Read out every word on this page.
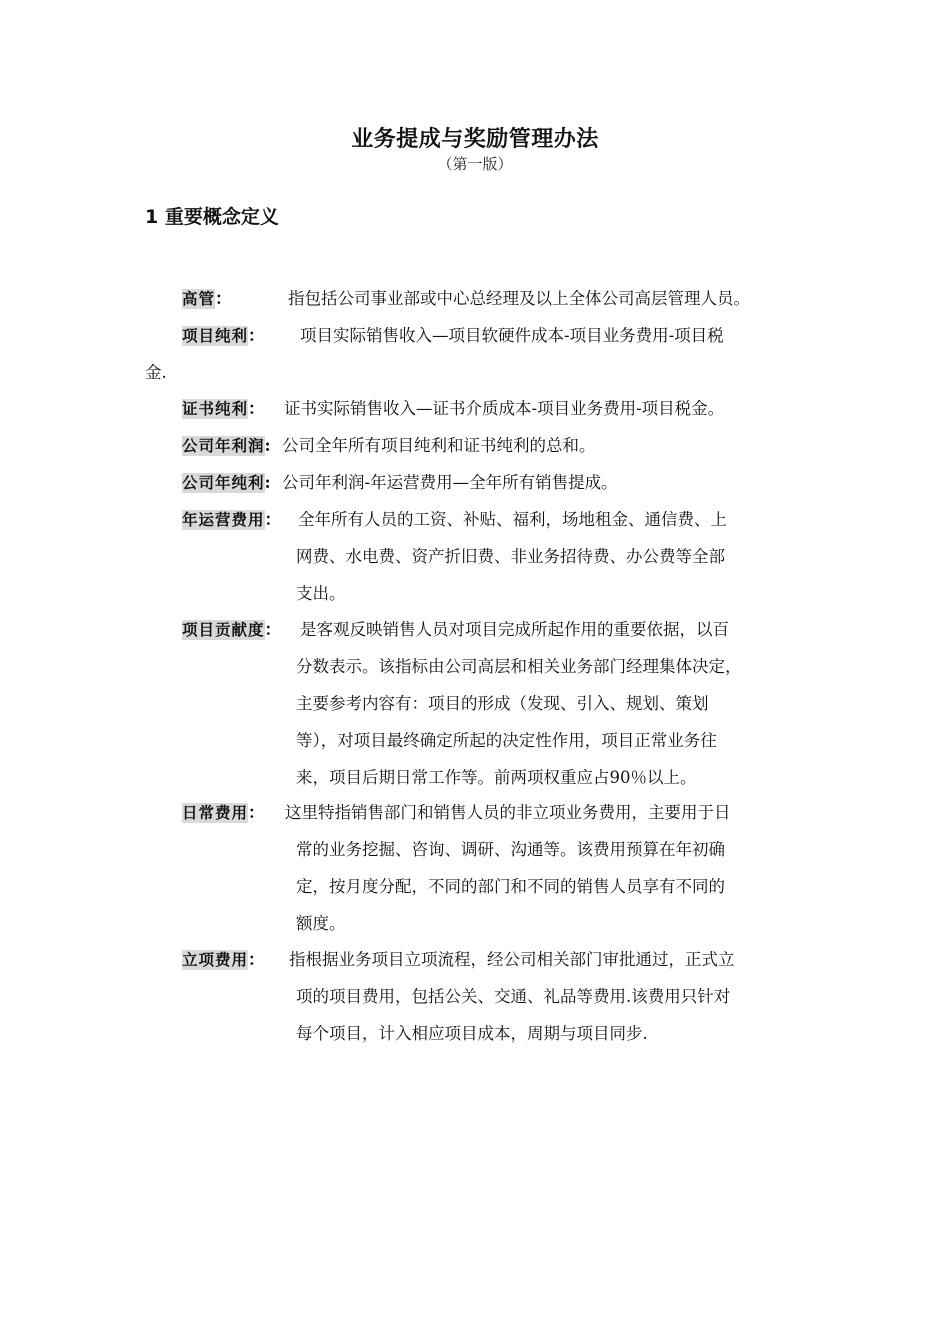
业务提成与奖励管理办法
（第一版）
1 重要概念定义
高管：	指包括公司事业部或中心总经理及以上全体公司高层管理人员。
项目纯利： 项目实际销售收入—项目软硬件成本-项目业务费用-项目税
金.
证书纯利： 证书实际销售收入—证书介质成本-项目业务费用-项目税金。
公司年利润: 公司全年所有项目纯利和证书纯利的总和。
公司年纯利: 公司年利润-年运营费用—全年所有销售提成。
年运营费用： 全年所有人员的工资、补贴、福利，场地租金、通信费、上
网费、水电费、资产折旧费、非业务招待费、办公费等全部
支出。
项目贡献度： 是客观反映销售人员对项目完成所起作用的重要依据，以百
分数表示。该指标由公司高层和相关业务部门经理集体决定，
主要参考内容有：项目的形成（发现、引入、规划、策划
等），对项目最终确定所起的决定性作用，项目正常业务往
来，项目后期日常工作等。前两项权重应占90％以上。
日常费用： 这里特指销售部门和销售人员的非立项业务费用，主要用于日
常的业务挖掘、咨询、调研、沟通等。该费用预算在年初确
定，按月度分配，不同的部门和不同的销售人员享有不同的
额度。
立项费用： 指根据业务项目立项流程，经公司相关部门审批通过，正式立
项的项目费用，包括公关、交通、礼品等费用.该费用只针对
每个项目，计入相应项目成本，周期与项目同步.
